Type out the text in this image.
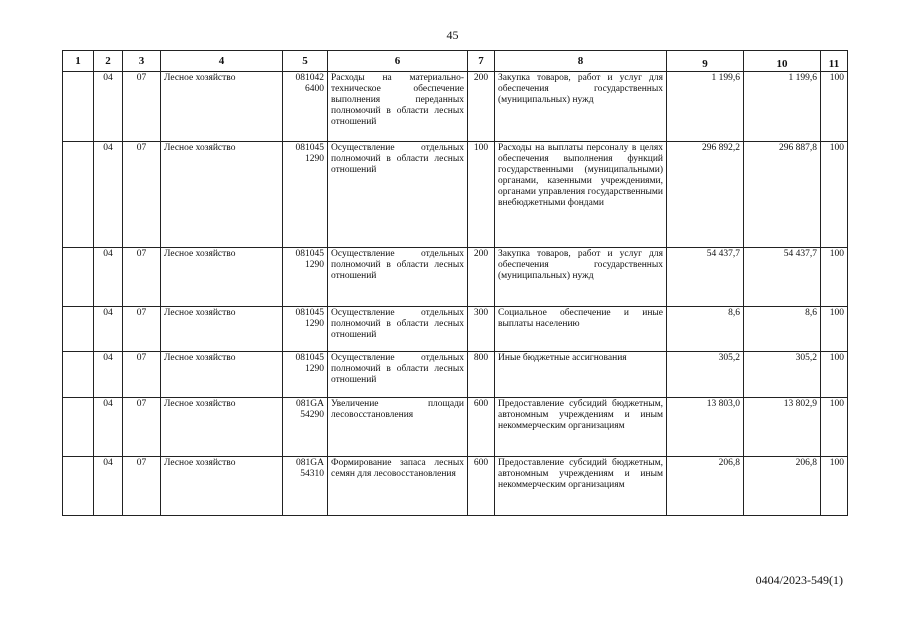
45
1	2	3	4	5	6	7	8	9	10	11
	04	07	Лесное хозяйство	081042 6400	Расходы на материально-техническое обеспечение выполнения переданных полномочий в области лесных отношений	200	Закупка товаров, работ и услуг для обеспечения государственных (муниципальных) нужд	1 199,6	1 199,6	100
	04	07	Лесное хозяйство	081045 1290	Осуществление отдельных полномочий в области лесных отношений	100	Расходы на выплаты персоналу в целях обеспечения выполнения функций государственными (муниципальными) органами, казенными учреждениями, органами управления государственными внебюджетными фондами	296 892,2	296 887,8	100
	04	07	Лесное хозяйство	081045 1290	Осуществление отдельных полномочий в области лесных отношений	200	Закупка товаров, работ и услуг для обеспечения государственных (муниципальных) нужд	54 437,7	54 437,7	100
	04	07	Лесное хозяйство	081045 1290	Осуществление отдельных полномочий в области лесных отношений	300	Социальное обеспечение и иные выплаты населению	8,6	8,6	100
	04	07	Лесное хозяйство	081045 1290	Осуществление отдельных полномочий в области лесных отношений	800	Иные бюджетные ассигнования	305,2	305,2	100
	04	07	Лесное хозяйство	081GA 54290	Увеличение площади лесовосстановления	600	Предоставление субсидий бюджетным, автономным учреждениям и иным некоммерческим организациям	13 803,0	13 802,9	100
	04	07	Лесное хозяйство	081GA 54310	Формирование запаса лесных семян для лесовосстановления	600	Предоставление субсидий бюджетным, автономным учреждениям и иным некоммерческим организациям	206,8	206,8	100
0404/2023-549(1)
